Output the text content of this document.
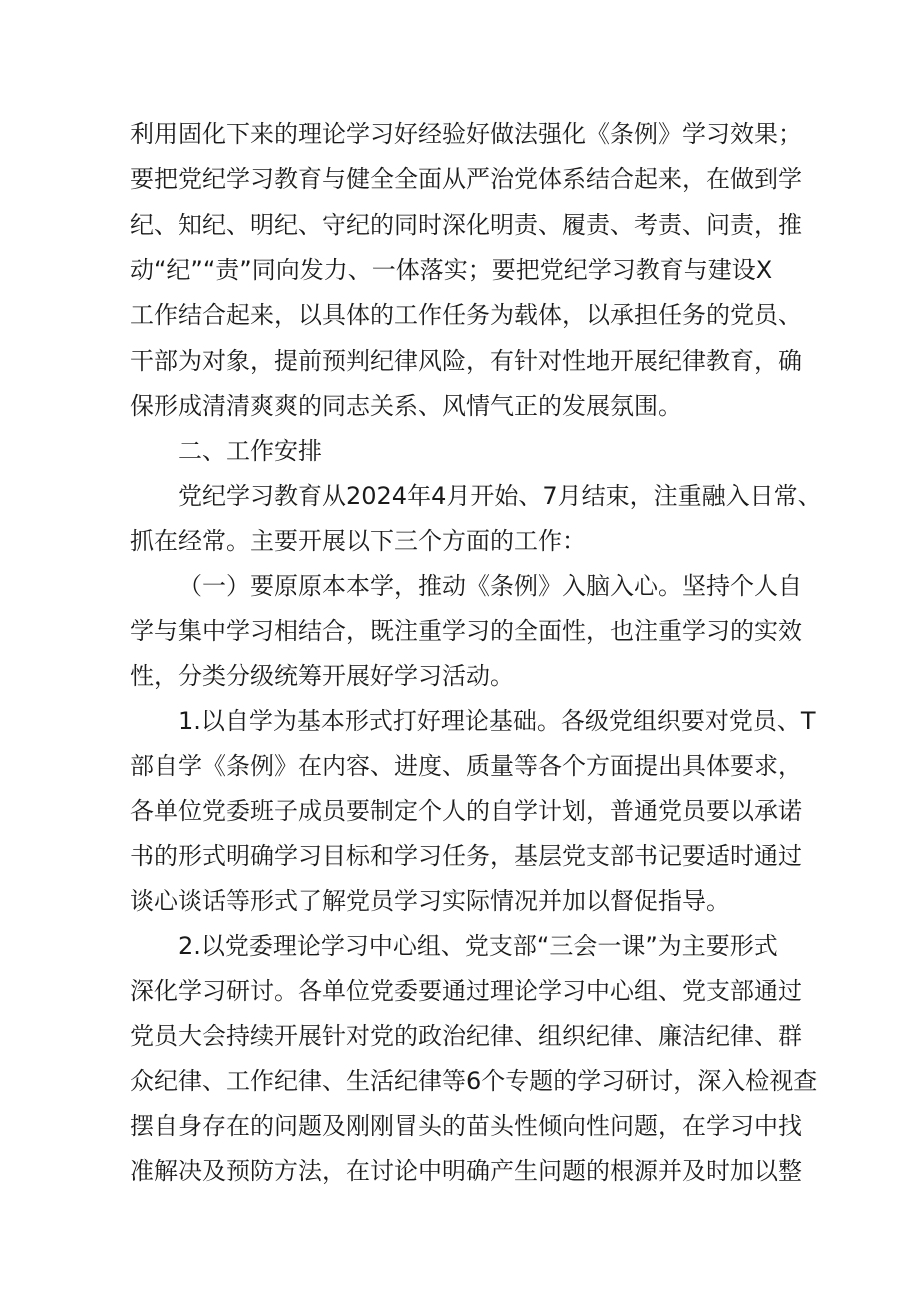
利用固化下来的理论学习好经验好做法强化《条例》学习效果；
要把党纪学习教育与健全全面从严治党体系结合起来，在做到学
纪、知纪、明纪、守纪的同时深化明责、履责、考责、问责，推
动“纪”“责”同向发力、一体落实；要把党纪学习教育与建设X
工作结合起来，以具体的工作任务为载体，以承担任务的党员、
干部为对象，提前预判纪律风险，有针对性地开展纪律教育，确
保形成清清爽爽的同志关系、风情气正的发展氛围。
二、工作安排
党纪学习教育从2024年4月开始、7月结束，注重融入日常、
抓在经常。主要开展以下三个方面的工作：
（一）要原原本本学，推动《条例》入脑入心。坚持个人自
学与集中学习相结合，既注重学习的全面性，也注重学习的实效
性，分类分级统筹开展好学习活动。
1.以自学为基本形式打好理论基础。各级党组织要对党员、T
部自学《条例》在内容、进度、质量等各个方面提出具体要求，
各单位党委班子成员要制定个人的自学计划，普通党员要以承诺
书的形式明确学习目标和学习任务，基层党支部书记要适时通过
谈心谈话等形式了解党员学习实际情况并加以督促指导。
2.以党委理论学习中心组、党支部“三会一课”为主要形式
深化学习研讨。各单位党委要通过理论学习中心组、党支部通过
党员大会持续开展针对党的政治纪律、组织纪律、廉洁纪律、群
众纪律、工作纪律、生活纪律等6个专题的学习研讨，深入检视查
摆自身存在的问题及刚刚冒头的苗头性倾向性问题，在学习中找
准解决及预防方法，在讨论中明确产生问题的根源并及时加以整
